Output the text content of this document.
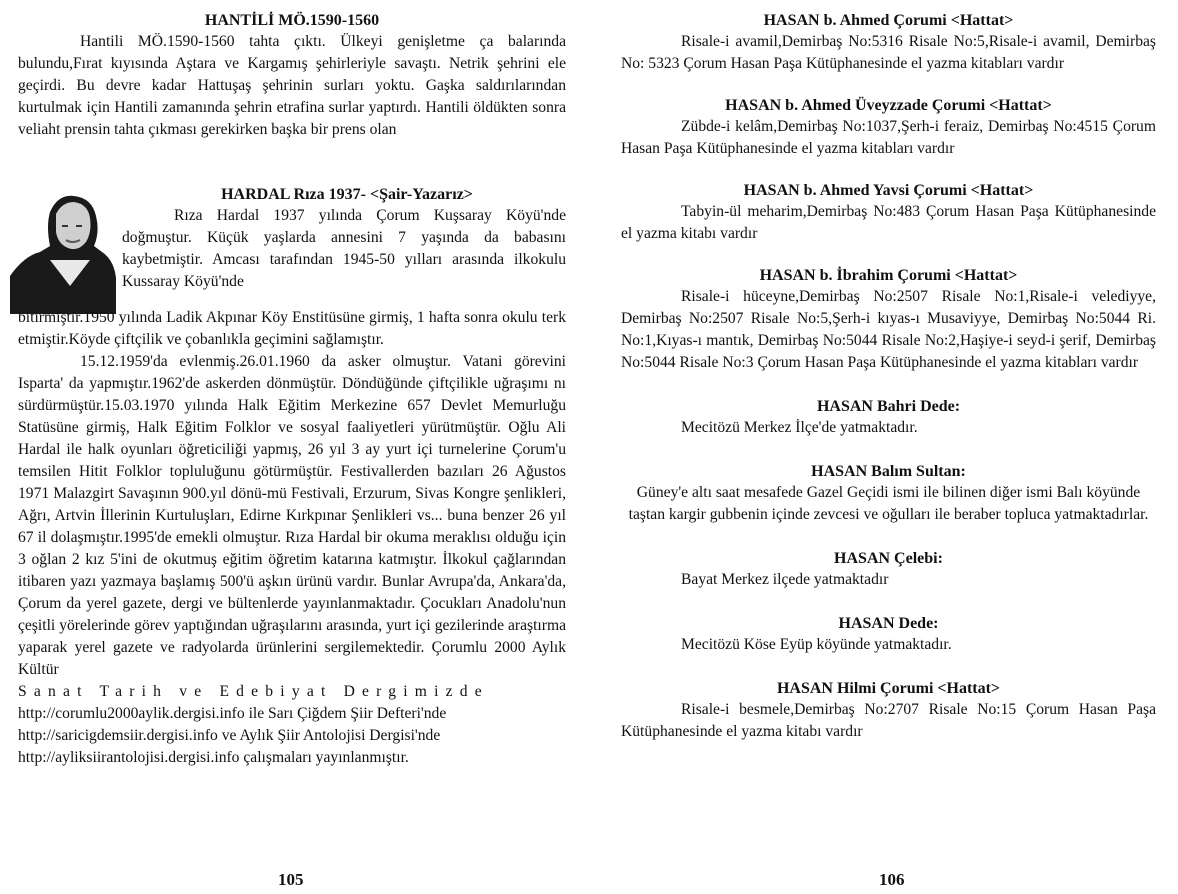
HANTİLİ MÖ.1590-1560

Hantili MÖ.1590-1560 tahta çıktı. Ülkeyi genişletme ça balarında bulundu,Fırat kıyısında Aştara ve Kargamış şehirleriyle savaştı. Netrik şehrini ele geçirdi. Bu devre kadar Hattuşaş şehrinin surları yoktu. Gaşka saldırılarından kurtulmak için Hantili zamanında şehrin etrafina surlar yaptırdı. Hantili öldükten sonra veliaht prensin tahta çıkması gerekirken başka bir prens olan

HARDAL Rıza 1937- <Şair-Yazarız>

Rıza Hardal 1937 yılında Çorum Kuşsaray Köyü'nde doğmuştur. Küçük yaşlarda annesini 7 yaşında da babasını kaybetmiştir. Amcası tarafından 1945-50 yılları arasında ilkokulu Kussaray Köyü'nde

bitirmiştir.1950 yılında Ladik Akpınar Köy Enstitüsüne girmiş, 1 hafta sonra okulu terk etmiştir.Köyde çiftçilik ve çobanlıkla geçimini sağlamıştır.

15.12.1959'da evlenmiş.26.01.1960 da asker olmuştur. Vatani görevini Isparta' da yapmıştır.1962'de askerden dönmüştür. Döndüğünde çiftçilikle uğraşımı nı sürdürmüştür.15.03.1970 yılında Halk Eğitim Merkezine 657 Devlet Memurluğu Statüsüne girmiş, Halk Eğitim Folklor ve sosyal faaliyetleri yürütmüştür. Oğlu Ali Hardal ile halk oyunları öğreticiliği yapmış, 26 yıl 3 ay yurt içi turnelerine Çorum'u temsilen Hitit Folklor topluluğunu götürmüştür. Festivallerden bazıları 26 Ağustos 1971 Malazgirt Savaşının 900.yıl dönü-mü Festivali, Erzurum, Sivas Kongre şenlikleri, Ağrı, Artvin İllerinin Kurtuluşları, Edirne Kırkpınar Şenlikleri vs... buna benzer 26 yıl 67 il dolaşmıştır.1995'de emekli olmuştur. Rıza Hardal bir okuma meraklısı olduğu için 3 oğlan 2 kız 5'ini de okutmuş eğitim öğretim katarına katmıştır. İlkokul çağlarından itibaren yazı yazmaya başlamış 500'ü aşkın ürünü vardır. Bunlar Avrupa'da, Ankara'da, Çorum da yerel gazete, dergi ve bültenlerde yayınlanmaktadır. Çocukları Anadolu'nun çeşitli yörelerinde görev yaptığından uğraşılarını arasında, yurt içi gezilerinde araştırma yaparak yerel gazete ve radyolarda ürünlerini sergilemektedir. Çorumlu 2000 Aylık Kültür

Sanat Tarih ve Edebiyat Dergimizde

http://corumlu2000aylik.dergisi.info ile Sarı Çiğdem Şiir Defteri'nde

http://saricigdemsiir.dergisi.info ve Aylık Şiir Antolojisi Dergisi'nde

http://ayliksiirantolojisi.dergisi.info çalışmaları yayınlanmıştır.

105

HASAN b. Ahmed Çorumi <Hattat>

Risale-i avamil,Demirbaş No:5316 Risale No:5,Risale-i avamil, Demirbaş No: 5323 Çorum Hasan Paşa Kütüphanesinde el yazma kitabları vardır

HASAN b. Ahmed Üveyzzade Çorumi <Hattat>

Zübde-i kelâm,Demirbaş No:1037,Şerh-i feraiz, Demirbaş No:4515 Çorum Hasan Paşa Kütüphanesinde el yazma kitabları vardır

HASAN b. Ahmed Yavsi Çorumi <Hattat>

Tabyin-ül meharim,Demirbaş No:483 Çorum Hasan Paşa Kütüphanesinde el yazma kitabı vardır

HASAN b. İbrahim Çorumi <Hattat>

Risale-i hüceyne,Demirbaş No:2507 Risale No:1,Risale-i velediyye, Demirbaş No:2507 Risale No:5,Şerh-i kıyas-ı Musaviyye, Demirbaş No:5044 Ri. No:1,Kıyas-ı mantık, Demirbaş No:5044 Risale No:2,Haşiye-i seyd-i şerif, Demirbaş No:5044 Risale No:3 Çorum Hasan Paşa Kütüphanesinde el yazma kitabları vardır

HASAN Bahri Dede:

Mecitözü Merkez İlçe'de yatmaktadır.

HASAN Balım Sultan:

Güney'e altı saat mesafede Gazel Geçidi ismi ile bilinen diğer ismi Balı köyünde taştan kargir gubbenin içinde zevcesi ve oğulları ile beraber topluca yatmaktadırlar.

HASAN Çelebi:

Bayat Merkez ilçede yatmaktadır

HASAN Dede:

Mecitözü Köse Eyüp köyünde yatmaktadır.

HASAN Hilmi Çorumi <Hattat>

Risale-i besmele,Demirbaş No:2707 Risale No:15 Çorum Hasan Paşa Kütüphanesinde el yazma kitabı vardır

106
